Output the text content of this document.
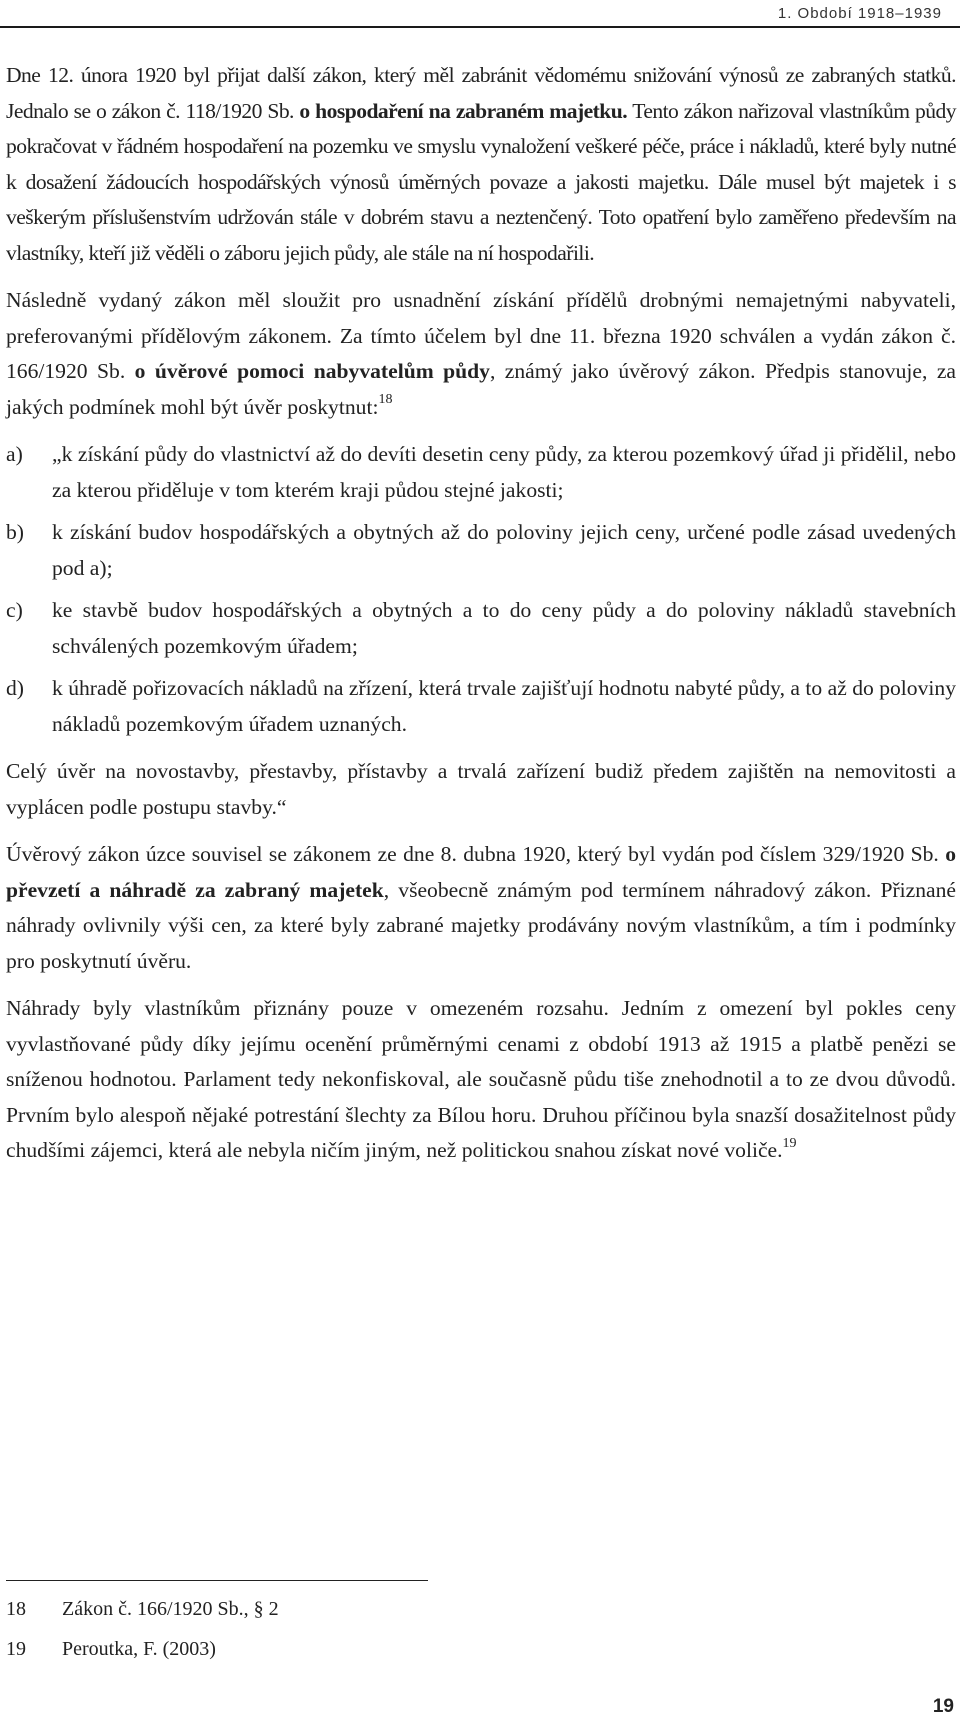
1. Období 1918–1939

Dne 12. února 1920 byl přijat další zákon, který měl zabránit vědomému snižování výnosů ze zabraných statků. Jednalo se o zákon č. 118/1920 Sb. o hospodaření na zabraném majetku. Tento zákon nařizoval vlastníkům půdy pokračovat v řádném hospodaření na pozemku ve smyslu vynaložení veškeré péče, práce i nákladů, které byly nutné k dosažení žádoucích hospodářských výnosů úměrných povaze a jakosti majetku. Dále musel být majetek i s veškerým příslušenstvím udržován stále v dobrém stavu a neztenčený. Toto opatření bylo zaměřeno především na vlastníky, kteří již věděli o záboru jejich půdy, ale stále na ní hospodařili.

Následně vydaný zákon měl sloužit pro usnadnění získání přídělů drobnými nemajetnými nabyvateli, preferovanými přídělovým zákonem. Za tímto účelem byl dne 11. března 1920 schválen a vydán zákon č. 166/1920 Sb. o úvěrové pomoci nabyvatelům půdy, známý jako úvěrový zákon. Předpis stanovuje, za jakých podmínek mohl být úvěr poskytnut:$^{18}$

a)	„k získání půdy do vlastnictví až do devíti desetin ceny půdy, za kterou pozemkový úřad ji přidělil, nebo za kterou přiděluje v tom kterém kraji půdou stejné jakosti;
b)	k získání budov hospodářských a obytných až do poloviny jejich ceny, určené podle zásad uvedených pod a);
c)	ke stavbě budov hospodářských a obytných a to do ceny půdy a do poloviny nákladů stavebních schválených pozemkovým úřadem;
d)	k úhradě pořizovacích nákladů na zřízení, která trvale zajišťují hodnotu nabyté půdy, a to až do poloviny nákladů pozemkovým úřadem uznaných.

Celý úvěr na novostavby, přestavby, přístavby a trvalá zařízení budiž předem zajištěn na nemovitosti a vyplácen podle postupu stavby.“

Úvěrový zákon úzce souvisel se zákonem ze dne 8. dubna 1920, který byl vydán pod číslem 329/1920 Sb. o převzetí a náhradě za zabraný majetek, všeobecně známým pod termínem náhradový zákon. Přiznané náhrady ovlivnily výši cen, za které byly zabrané majetky prodávány novým vlastníkům, a tím i podmínky pro poskytnutí úvěru.

Náhrady byly vlastníkům přiznány pouze v omezeném rozsahu. Jedním z omezení byl pokles ceny vyvlastňované půdy díky jejímu ocenění průměrnými cenami z období 1913 až 1915 a platbě penězi se sníženou hodnotou. Parlament tedy nekonfiskoval, ale současně půdu tiše znehodnotil a to ze dvou důvodů. Prvním bylo alespoň nějaké potrestání šlechty za Bílou horu. Druhou příčinou byla snazší dosažitelnost půdy chudšími zájemci, která ale nebyla ničím jiným, než politickou snahou získat nové voliče.$^{19}$

18	Zákon č. 166/1920 Sb., § 2
19	Peroutka, F. (2003)
19
